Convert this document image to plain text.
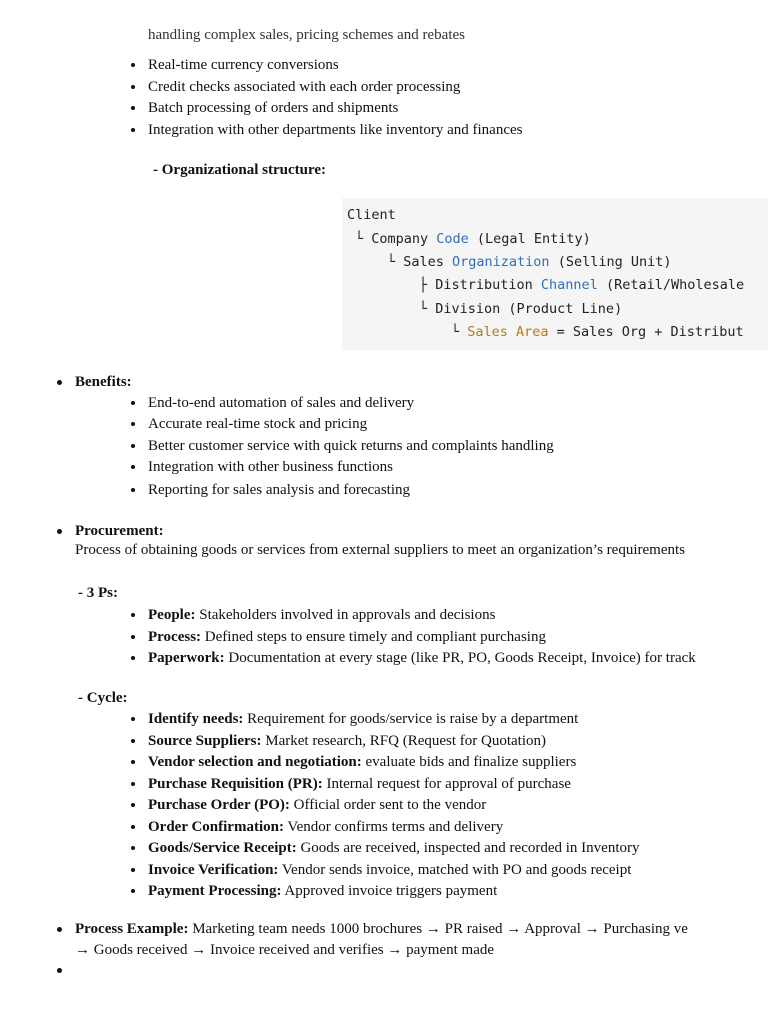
handling complex sales, pricing schemes and rebates
Real-time currency conversions
Credit checks associated with each order processing
Batch processing of orders and shipments
Integration with other departments like inventory and finances
- Organizational structure:
Client
└ Company Code (Legal Entity)
└ Sales Organization (Selling Unit)
├ Distribution Channel (Retail/Wholesale
└ Division (Product Line)
└ Sales Area = Sales Org + Distribut
Benefits:
End-to-end automation of sales and delivery
Accurate real-time stock and pricing
Better customer service with quick returns and complaints handling
Integration with other business functions
Reporting for sales analysis and forecasting
Procurement:
Process of obtaining goods or services from external suppliers to meet an organization’s requirements
- 3 Ps:
People: Stakeholders involved in approvals and decisions
Process: Defined steps to ensure timely and compliant purchasing
Paperwork: Documentation at every stage (like PR, PO, Goods Receipt, Invoice) for track
- Cycle:
Identify needs: Requirement for goods/service is raise by a department
Source Suppliers: Market research, RFQ (Request for Quotation)
Vendor selection and negotiation: evaluate bids and finalize suppliers
Purchase Requisition (PR): Internal request for approval of purchase
Purchase Order (PO): Official order sent to the vendor
Order Confirmation: Vendor confirms terms and delivery
Goods/Service Receipt: Goods are received, inspected and recorded in Inventory
Invoice Verification: Vendor sends invoice, matched with PO and goods receipt
Payment Processing: Approved invoice triggers payment
Process Example: Marketing team needs 1000 brochures → PR raised → Approval → Purchasing ve
→ Goods received → Invoice received and verifies → payment made
